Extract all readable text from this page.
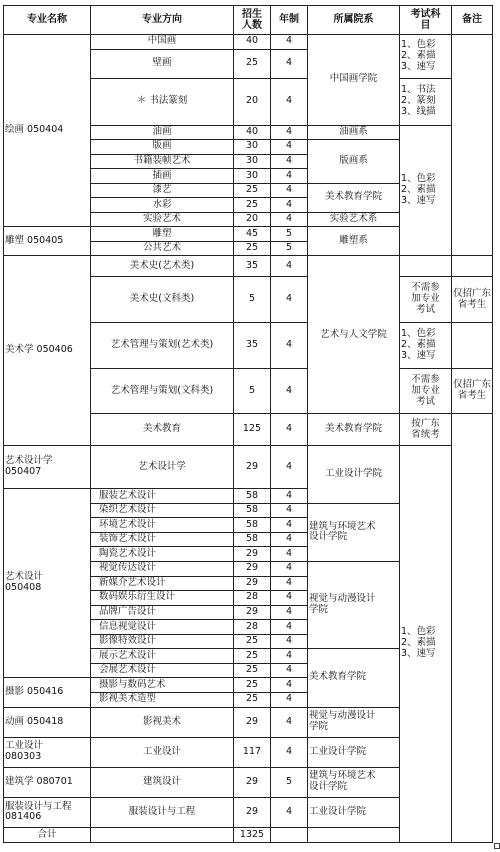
专业名称	专业方向	招生
人数	年制	所属院系	考试科
目	备注	
绘画 050404	中国画	40	4	中国画学院	1、色彩
2、素描
3、速写		
	壁画	25	4				
	＊ 书法篆刻	20	4		1、书法
2、篆刻
3、线描		
	油画	40	4	油画系	1、色彩
2、素描
3、速写		
	版画	30	4	版画系			
	书籍装帧艺术	30	4				
	插画	30	4				
	漆艺	25	4	美术教育学院			
	水彩	25	4				
	实验艺术	20	4	实验艺术系			
雕塑 050405	雕塑	45	5	雕塑系			
	公共艺术	25	5				
美术学 050406	美术史(艺术类)	35	4	艺术与人文学院			
	美术史(文科类)	5	4		不需参
加专业
考试	仅招广东
省考生	
	艺术管理与策划(艺术类)	35	4		1、色彩
2、素描
3、速写		
	艺术管理与策划(文科类)	5	4		不需参
加专业
考试	仅招广东
省考生	
	美术教育	125	4	美术教育学院	按广东
省统考		
艺术设计学
050407	艺术设计学	29	4	工业设计学院	1、色彩
2、素描
3、速写		
艺术设计
050408	服装艺术设计	58	4				
	染织艺术设计	58	4	建筑与环境艺术
设计学院			
	环境艺术设计	58	4				
	装饰艺术设计	58	4				
	陶瓷艺术设计	29	4				
	视觉传达设计	29	4	视觉与动漫设计
学院			
	新媒介艺术设计	29	4				
	数码娱乐衍生设计	28	4				
	品牌广告设计	29	4				
	信息视觉设计	28	4				
	影像特效设计	25	4				
	展示艺术设计	25	4	美术教育学院			
	会展艺术设计	25	4				
摄影 050416	摄影与数码艺术	25	4				
	影视美术造型	25	4				
动画 050418	影视美术	29	4	视觉与动漫设计
学院			
工业设计
080303	工业设计	117	4	工业设计学院			
建筑学 080701	建筑设计	29	5	建筑与环境艺术
设计学院			
服装设计与工程
081406	服装设计与工程	29	4	工业设计学院			
合计		1325					
